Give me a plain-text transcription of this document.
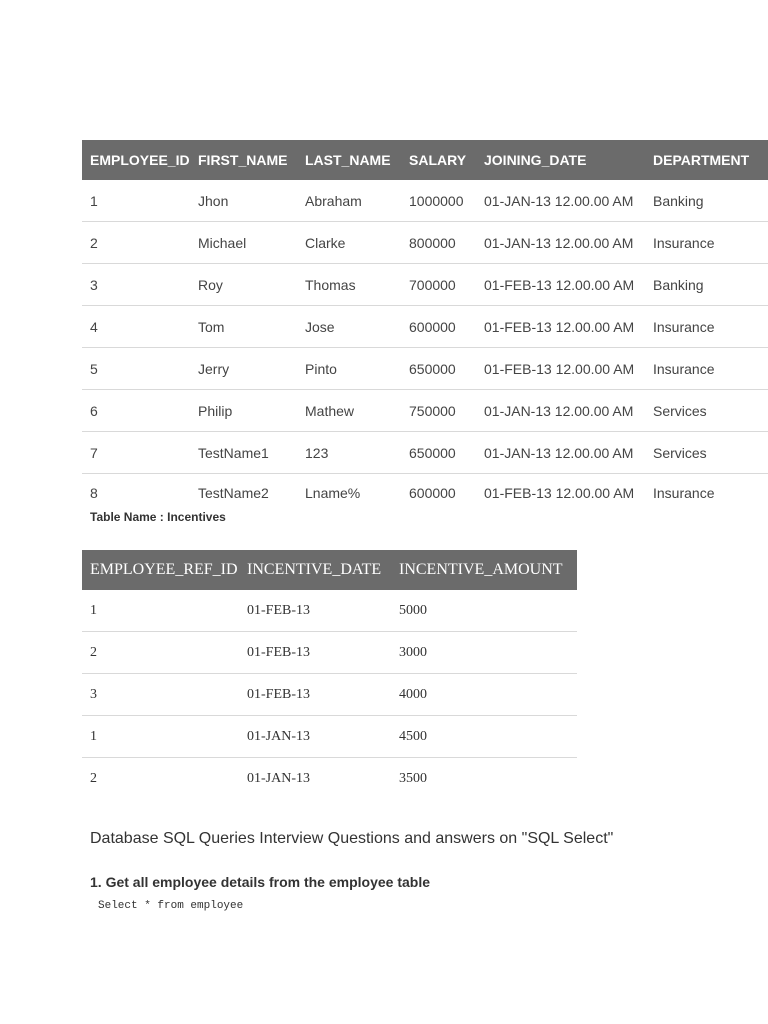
EMPLOYEE_ID	FIRST_NAME	LAST_NAME	SALARY	JOINING_DATE	DEPARTMENT
1	Jhon	Abraham	1000000	01-JAN-13 12.00.00 AM	Banking
2	Michael	Clarke	800000	01-JAN-13 12.00.00 AM	Insurance
3	Roy	Thomas	700000	01-FEB-13 12.00.00 AM	Banking
4	Tom	Jose	600000	01-FEB-13 12.00.00 AM	Insurance
5	Jerry	Pinto	650000	01-FEB-13 12.00.00 AM	Insurance
6	Philip	Mathew	750000	01-JAN-13 12.00.00 AM	Services
7	TestName1	123	650000	01-JAN-13 12.00.00 AM	Services
8	TestName2	Lname%	600000	01-FEB-13 12.00.00 AM	Insurance
Table Name : Incentives
EMPLOYEE_REF_ID	INCENTIVE_DATE	INCENTIVE_AMOUNT
1	01-FEB-13	5000
2	01-FEB-13	3000
3	01-FEB-13	4000
1	01-JAN-13	4500
2	01-JAN-13	3500
Database SQL Queries Interview Questions and answers on "SQL Select"
1. Get all employee details from the employee table
Select * from employee
